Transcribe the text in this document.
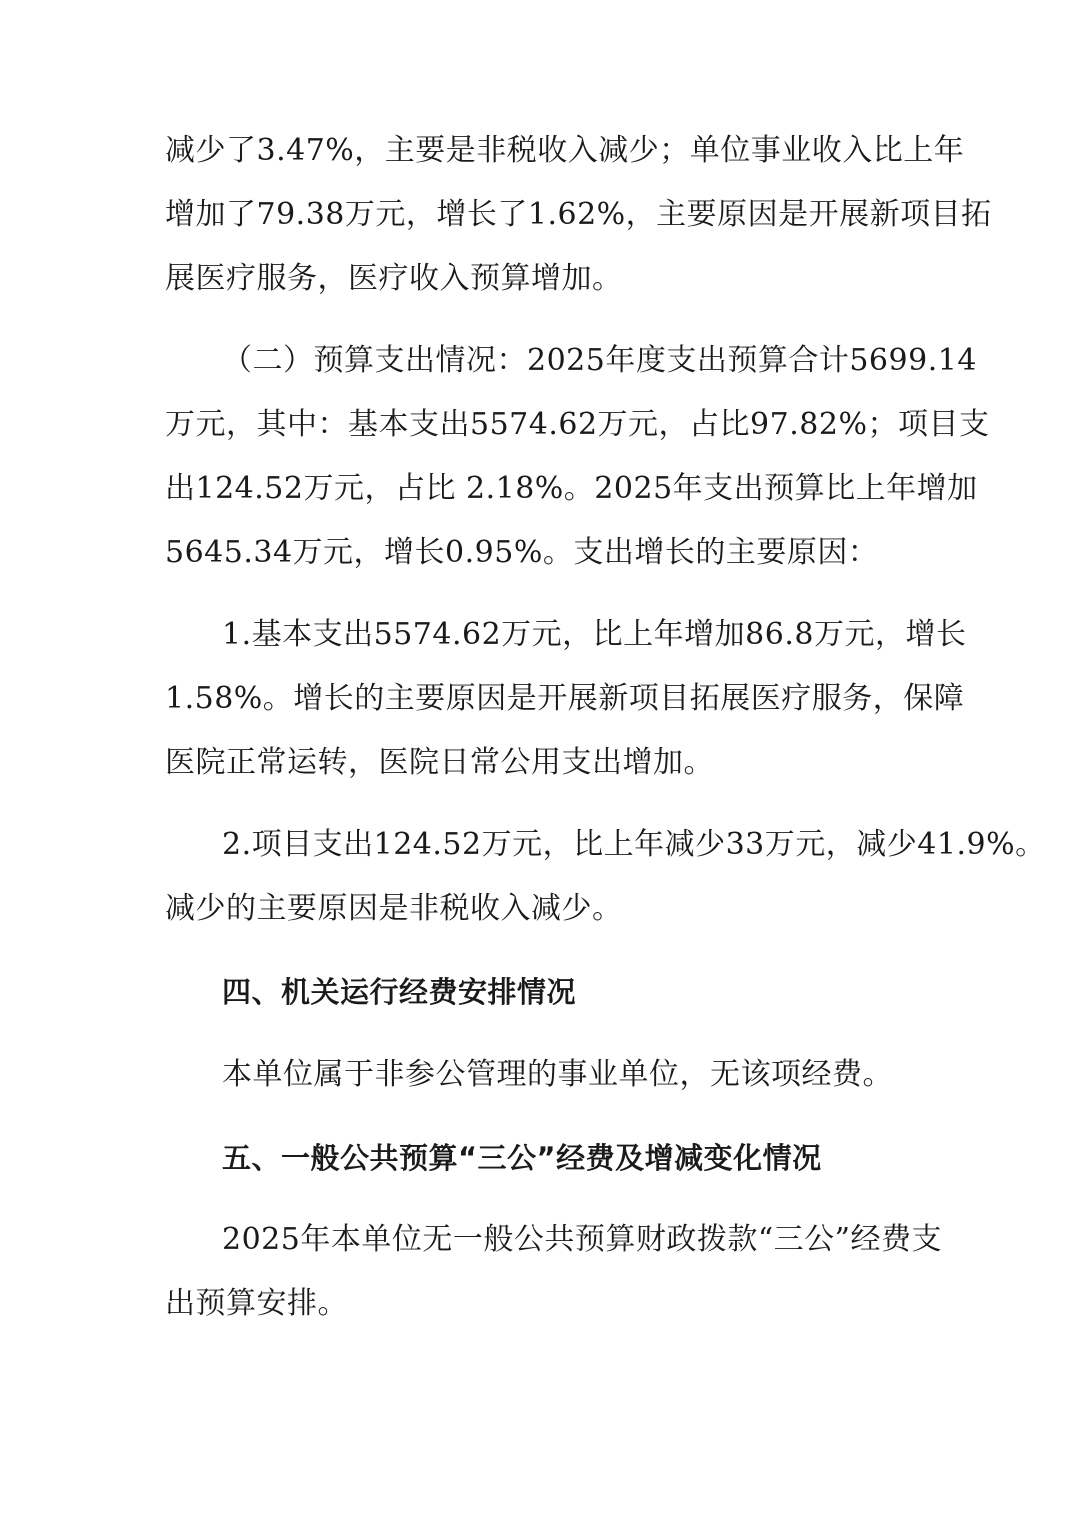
减少了3.47%，主要是非税收入减少；单位事业收入比上年
增加了79.38万元，增长了1.62%，主要原因是开展新项目拓
展医疗服务，医疗收入预算增加。
（二）预算支出情况：2025年度支出预算合计5699.14
万元，其中：基本支出5574.62万元，占比97.82%；项目支
出124.52万元，占比 2.18%。2025年支出预算比上年增加
5645.34万元，增长0.95%。支出增长的主要原因：
1.基本支出5574.62万元，比上年增加86.8万元，增长
1.58%。增长的主要原因是开展新项目拓展医疗服务，保障
医院正常运转，医院日常公用支出增加。
2.项目支出124.52万元，比上年减少33万元，减少41.9%。
减少的主要原因是非税收入减少。
四、机关运行经费安排情况
本单位属于非参公管理的事业单位，无该项经费。
五、一般公共预算“三公”经费及增减变化情况
2025年本单位无一般公共预算财政拨款“三公”经费支
出预算安排。
